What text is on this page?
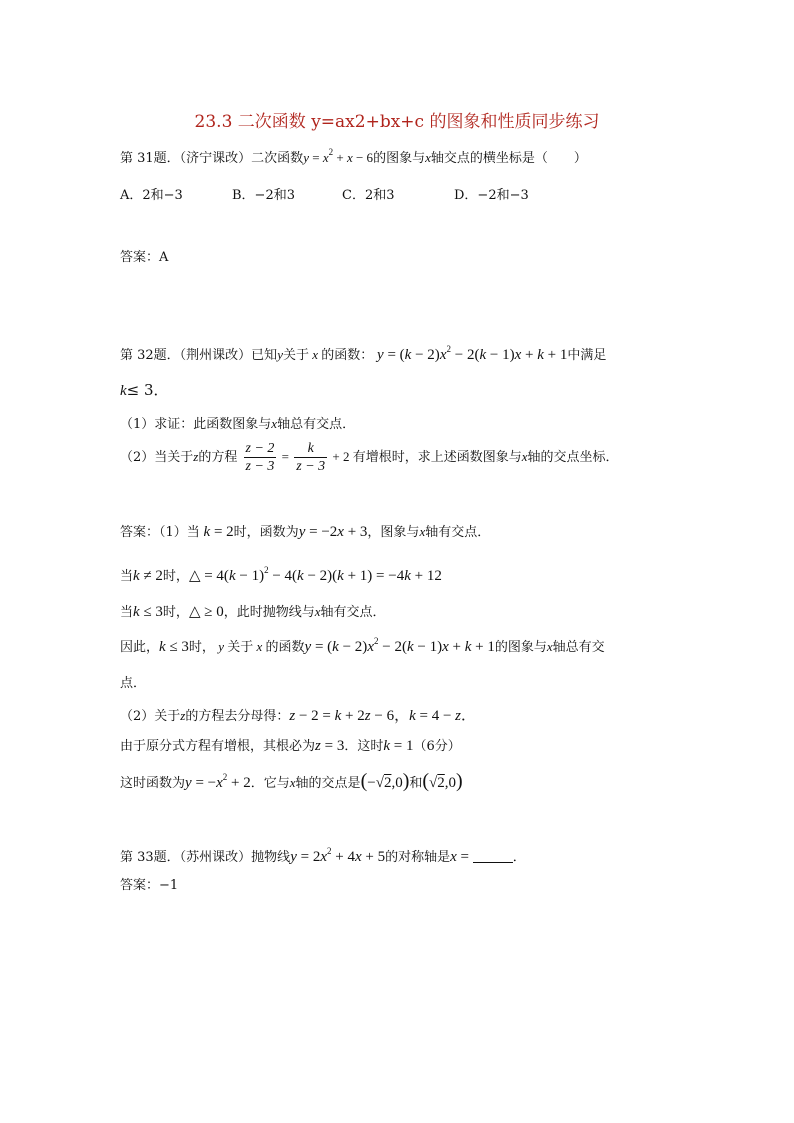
23.3 二次函数 y=ax2+bx+c 的图象和性质同步练习
第 31题．（济宁课改）二次函数$y = x^2 + x - 6$的图象与x轴交点的横坐标是（　　）
A．2和−3	B．−2和3	C．2和3	D．−2和−3
答案：A
第 32题．（荆州课改）已知y关于 x 的函数： $y = (k - 2)x^2 - 2(k - 1)x + k + 1$中满足
k≤ 3．
（1）求证：此函数图象与x轴总有交点．
（2）当关于z的方程 $\frac{z - 2}{z - 3} = \frac{k}{z - 3} + 2$ 有增根时，求上述函数图象与x轴的交点坐标．
答案：（1）当 k = 2时，函数为y = −2x + 3，图象与x轴有交点．
当k ≠ 2时，△ = $4(k - 1)^2 - 4(k - 2)(k + 1) = -4k + 12$
当k ≤ 3时，△ ≥ 0，此时抛物线与x轴有交点．
因此，k ≤ 3时， y 关于 x 的函数$y = (k - 2)x^2 - 2(k - 1)x + k + 1$的图象与x轴总有交
点．
（2）关于z的方程去分母得：z − 2 = k + 2z − 6，k = 4 − z．
由于原分式方程有增根，其根必为z = 3．这时k = 1（6分）
这时函数为$y = -x^2 + 2$．它与x轴的交点是(−√2,0)和(√2,0)
第 33题．（苏州课改）抛物线$y = 2x^2 + 4x + 5$的对称轴是x =	．
答案：−1
